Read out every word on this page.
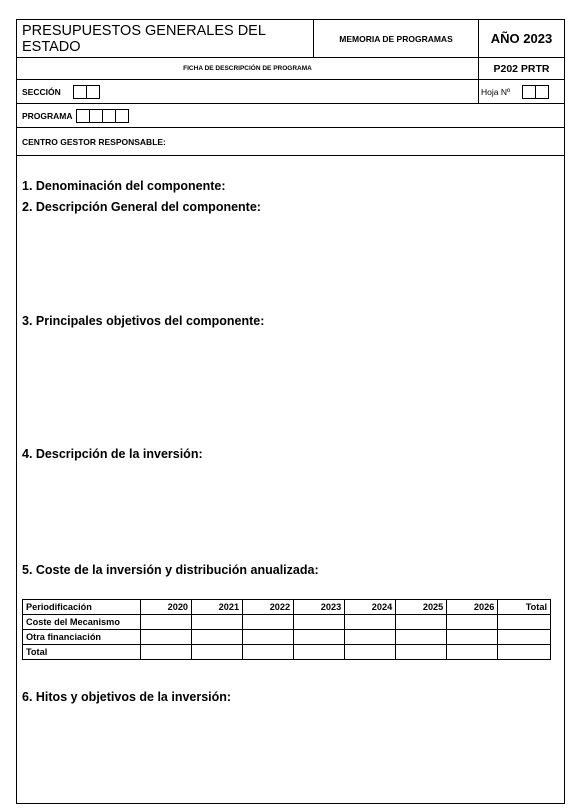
PRESUPUESTOS GENERALES DEL ESTADO	MEMORIA DE PROGRAMAS	AÑO 2023
FICHA DE DESCRIPCIÓN DE PROGRAMA	P202 PRTR
SECCIÓN	Hoja Nº
PROGRAMA
CENTRO GESTOR RESPONSABLE:
1. Denominación del componente:
2. Descripción General del componente:
3. Principales objetivos del componente:
4. Descripción de la inversión:
5. Coste de la inversión y distribución anualizada:
Periodificación	2020	2021	2022	2023	2024	2025	2026	Total
Coste del Mecanismo								
Otra financiación								
Total								
6. Hitos y objetivos de la inversión:
